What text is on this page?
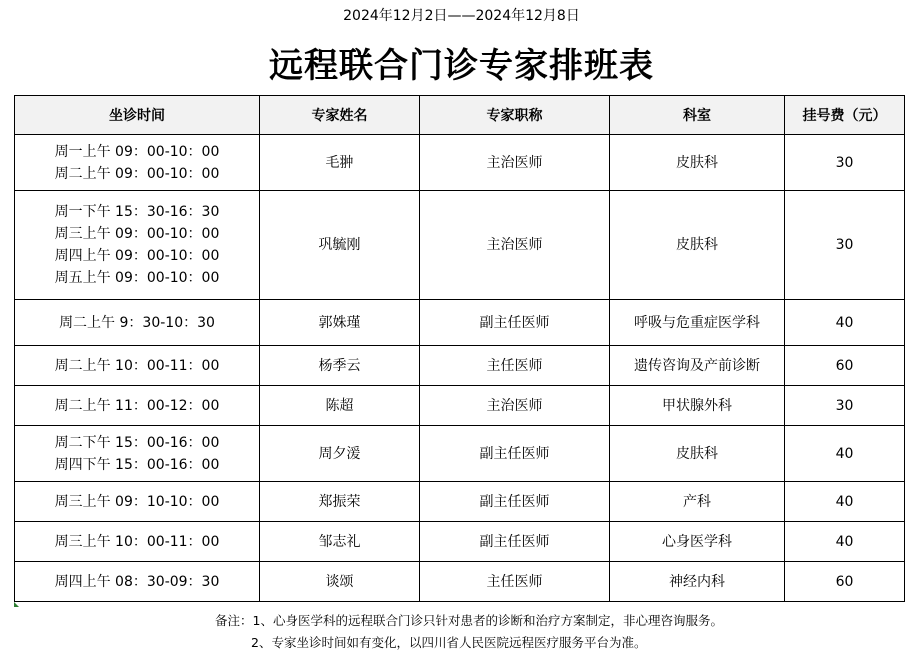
2024年12月2日——2024年12月8日
远程联合门诊专家排班表
坐诊时间	专家姓名	专家职称	科室	挂号费（元）

周一上午 09：00-10：00
周二上午 09：00-10：00	毛翀	主治医师	皮肤科	30

周一下午 15：30-16：30
周三上午 09：00-10：00
周四上午 09：00-10：00
周五上午 09：00-10：00	巩毓刚	主治医师	皮肤科	30

周二上午 9：30-10：30	郭姝瑾	副主任医师	呼吸与危重症医学科	40

周二上午 10：00-11：00	杨季云	主任医师	遗传咨询及产前诊断	60

周二上午 11：00-12：00	陈超	主治医师	甲状腺外科	30

周二下午 15：00-16：00
周四下午 15：00-16：00	周夕湲	副主任医师	皮肤科	40

周三上午 09：10-10：00	郑振荣	副主任医师	产科	40

周三上午 10：00-11：00	邹志礼	副主任医师	心身医学科	40

周四上午 08：30-09：30	谈颂	主任医师	神经内科	60
备注：1、心身医学科的远程联合门诊只针对患者的诊断和治疗方案制定，非心理咨询服务。
2、专家坐诊时间如有变化，以四川省人民医院远程医疗服务平台为准。
